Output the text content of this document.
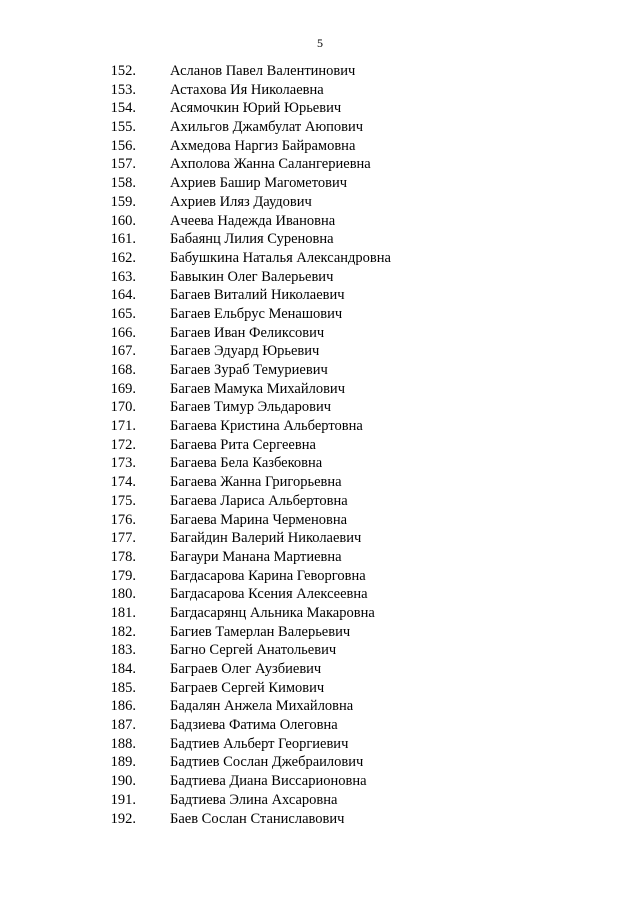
5
152. Асланов Павел Валентинович
153. Астахова Ия Николаевна
154. Асямочкин Юрий Юрьевич
155. Ахильгов Джамбулат Аюпович
156. Ахмедова Наргиз Байрамовна
157. Ахполова Жанна Салангериевна
158. Ахриев Башир Магометович
159. Ахриев Иляз Даудович
160. Ачеева Надежда Ивановна
161. Бабаянц Лилия Суреновна
162. Бабушкина Наталья Александровна
163. Бавыкин Олег Валерьевич
164. Багаев Виталий Николаевич
165. Багаев Ельбрус Менашович
166. Багаев Иван Феликсович
167. Багаев Эдуард Юрьевич
168. Багаев Зураб Темуриевич
169. Багаев Мамука Михайлович
170. Багаев Тимур Эльдарович
171. Багаева Кристина Альбертовна
172. Багаева Рита Сергеевна
173. Багаева Бела Казбековна
174. Багаева Жанна Григорьевна
175. Багаева Лариса Альбертовна
176. Багаева Марина Черменовна
177. Багайдин Валерий Николаевич
178. Багаури Манана Мартиевна
179. Багдасарова Карина Геворговна
180. Багдасарова Ксения Алексеевна
181. Багдасарянц Альника Макаровна
182. Багиев Тамерлан Валерьевич
183. Багно Сергей Анатольевич
184. Баграев Олег Аузбиевич
185. Баграев Сергей Кимович
186. Бадалян Анжела Михайловна
187. Бадзиева Фатима Олеговна
188. Бадтиев Альберт Георгиевич
189. Бадтиев Сослан Джебраилович
190. Бадтиева Диана Виссарионовна
191. Бадтиева Элина Ахсаровна
192. Баев Сослан Станиславович
